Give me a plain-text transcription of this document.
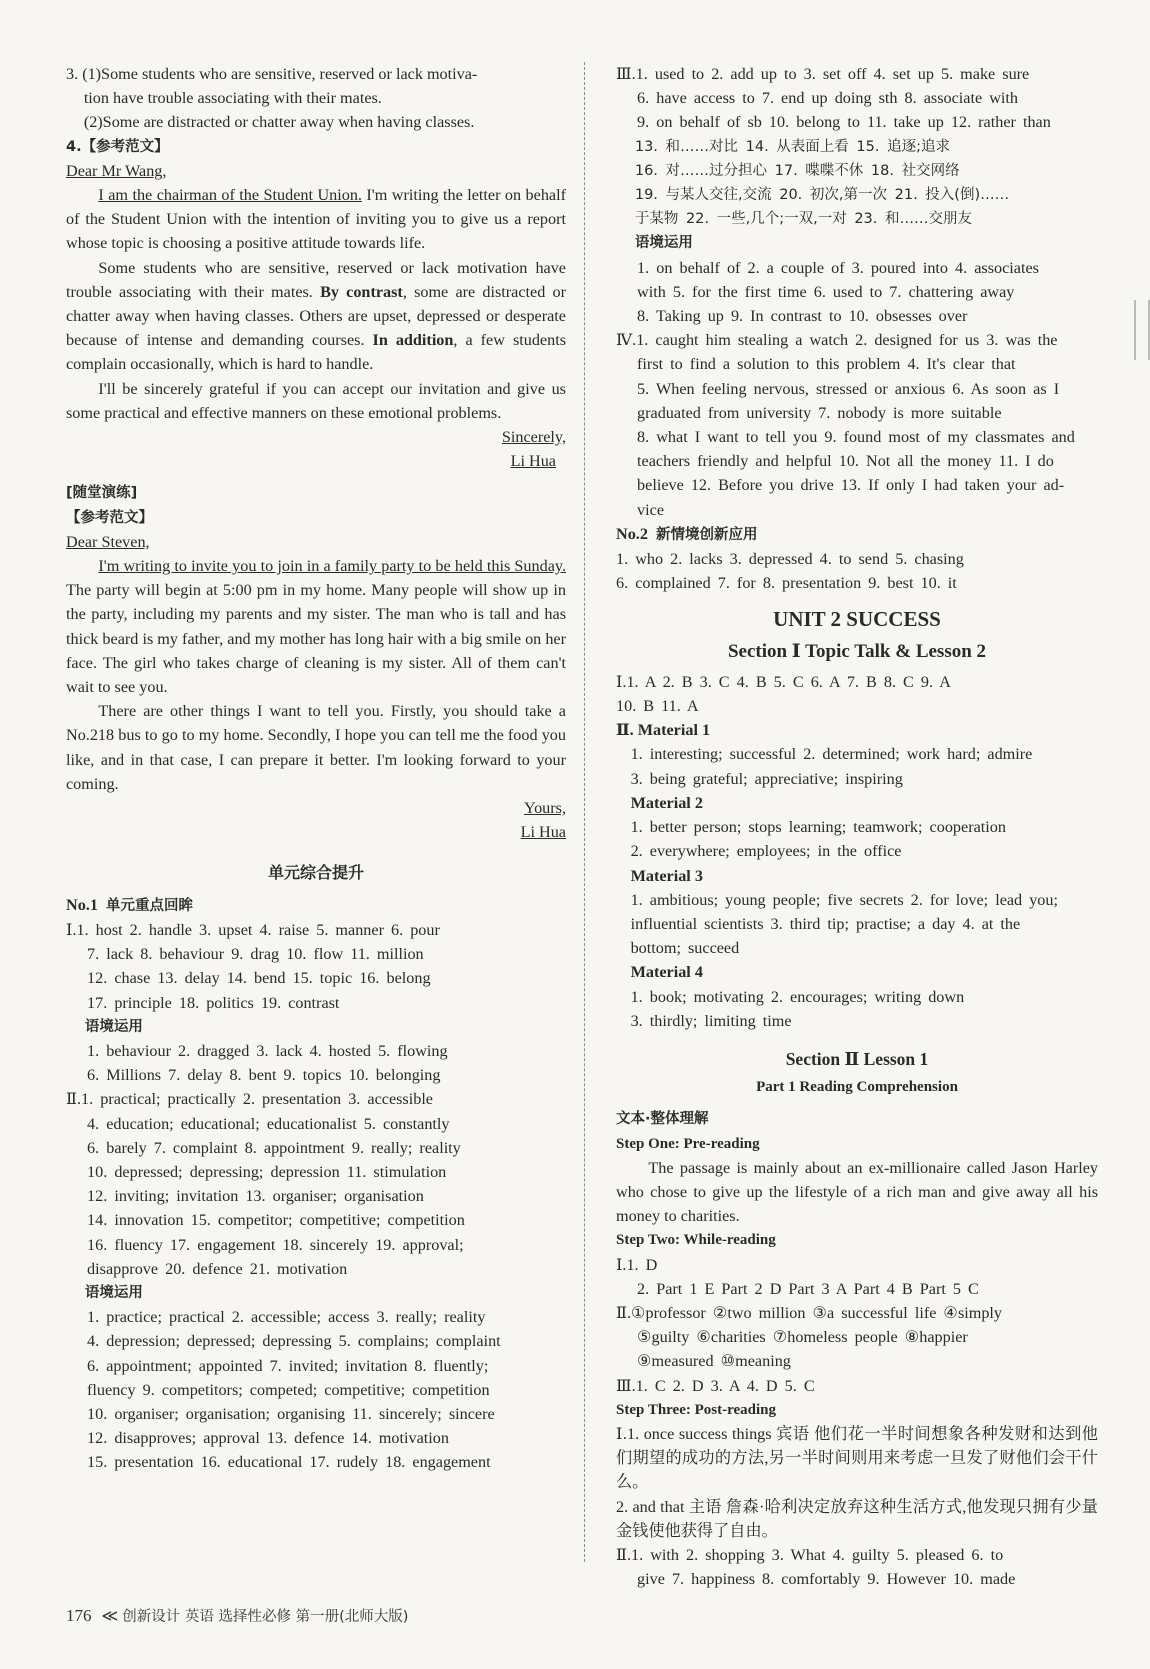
3. (1)Some students who are sensitive, reserved or lack motiva-

tion have trouble associating with their mates.

(2)Some are distracted or chatter away when having classes.

4.【参考范文】

Dear Mr Wang,

I am the chairman of the Student Union. I'm writing the letter on behalf of the Student Union with the intention of inviting you to give us a report whose topic is choosing a positive attitude towards life.

Some students who are sensitive, reserved or lack motivation have trouble associating with their mates. By contrast, some are distracted or chatter away when having classes. Others are upset, depressed or desperate because of intense and demanding courses. In addition, a few students complain occasionally, which is hard to handle.

I'll be sincerely grateful if you can accept our invitation and give us some practical and effective manners on these emotional problems.

Sincerely,

Li Hua

[随堂演练]

【参考范文】

Dear Steven,

I'm writing to invite you to join in a family party to be held this Sunday. The party will begin at 5:00 pm in my home. Many people will show up in the party, including my parents and my sister. The man who is tall and has thick beard is my father, and my mother has long hair with a big smile on her face. The girl who takes charge of cleaning is my sister. All of them can't wait to see you.

There are other things I want to tell you. Firstly, you should take a No.218 bus to go to my home. Secondly, I hope you can tell me the food you like, and in that case, I can prepare it better. I'm looking forward to your coming.

Yours,

Li Hua

单元综合提升

No.1 单元重点回眸

Ⅰ.1. host 2. handle 3. upset 4. raise 5. manner 6. pour

7. lack 8. behaviour 9. drag 10. flow 11. million

12. chase 13. delay 14. bend 15. topic 16. belong

17. principle 18. politics 19. contrast

语境运用

1. behaviour 2. dragged 3. lack 4. hosted 5. flowing

6. Millions 7. delay 8. bent 9. topics 10. belonging

Ⅱ.1. practical; practically 2. presentation 3. accessible

4. education; educational; educationalist 5. constantly

6. barely 7. complaint 8. appointment 9. really; reality

10. depressed; depressing; depression 11. stimulation

12. inviting; invitation 13. organiser; organisation

14. innovation 15. competitor; competitive; competition

16. fluency 17. engagement 18. sincerely 19. approval;

disapprove 20. defence 21. motivation

语境运用

1. practice; practical 2. accessible; access 3. really; reality

4. depression; depressed; depressing 5. complains; complaint

6. appointment; appointed 7. invited; invitation 8. fluently;

fluency 9. competitors; competed; competitive; competition

10. organiser; organisation; organising 11. sincerely; sincere

12. disapproves; approval 13. defence 14. motivation

15. presentation 16. educational 17. rudely 18. engagement

Ⅲ.1. used to 2. add up to 3. set off 4. set up 5. make sure

6. have access to 7. end up doing sth 8. associate with

9. on behalf of sb 10. belong to 11. take up 12. rather than

13. 和……对比 14. 从表面上看 15. 追逐;追求

16. 对……过分担心 17. 喋喋不休 18. 社交网络

19. 与某人交往,交流 20. 初次,第一次 21. 投入(倒)……

于某物 22. 一些,几个;一双,一对 23. 和……交朋友

语境运用

1. on behalf of 2. a couple of 3. poured into 4. associates

with 5. for the first time 6. used to 7. chattering away

8. Taking up 9. In contrast to 10. obsesses over

Ⅳ.1. caught him stealing a watch 2. designed for us 3. was the

first to find a solution to this problem 4. It's clear that

5. When feeling nervous, stressed or anxious 6. As soon as I

graduated from university 7. nobody is more suitable

8. what I want to tell you 9. found most of my classmates and

teachers friendly and helpful 10. Not all the money 11. I do

believe 12. Before you drive 13. If only I had taken your ad-

vice

No.2 新情境创新应用

1. who 2. lacks 3. depressed 4. to send 5. chasing

6. complained 7. for 8. presentation 9. best 10. it

UNIT 2 SUCCESS
Section Ⅰ Topic Talk & Lesson 2

Ⅰ.1. A 2. B 3. C 4. B 5. C 6. A 7. B 8. C 9. A

10. B 11. A

Ⅱ. Material 1

1. interesting; successful 2. determined; work hard; admire

3. being grateful; appreciative; inspiring

Material 2

1. better person; stops learning; teamwork; cooperation

2. everywhere; employees; in the office

Material 3

1. ambitious; young people; five secrets 2. for love; lead you;

influential scientists 3. third tip; practise; a day 4. at the

bottom; succeed

Material 4

1. book; motivating 2. encourages; writing down

3. thirdly; limiting time

Section Ⅱ Lesson 1
Part 1 Reading Comprehension

文本·整体理解

Step One: Pre-reading

The passage is mainly about an ex-millionaire called Jason Harley who chose to give up the lifestyle of a rich man and give away all his money to charities.

Step Two: While-reading

Ⅰ.1. D

2. Part 1 E Part 2 D Part 3 A Part 4 B Part 5 C

Ⅱ.①professor ②two million ③a successful life ④simply

⑤guilty ⑥charities ⑦homeless people ⑧happier

⑨measured ⑩meaning

Ⅲ.1. C 2. D 3. A 4. D 5. C

Step Three: Post-reading

Ⅰ.1. once success things 宾语 他们花一半时间想象各种发财和达到他们期望的成功的方法,另一半时间则用来考虑一旦发了财他们会干什么。

2. and that 主语 詹森·哈利决定放弃这种生活方式,他发现只拥有少量金钱使他获得了自由。

Ⅱ.1. with 2. shopping 3. What 4. guilty 5. pleased 6. to

give 7. happiness 8. comfortably 9. However 10. made

176 ≪ 创新设计 英语 选择性必修 第一册(北师大版)
